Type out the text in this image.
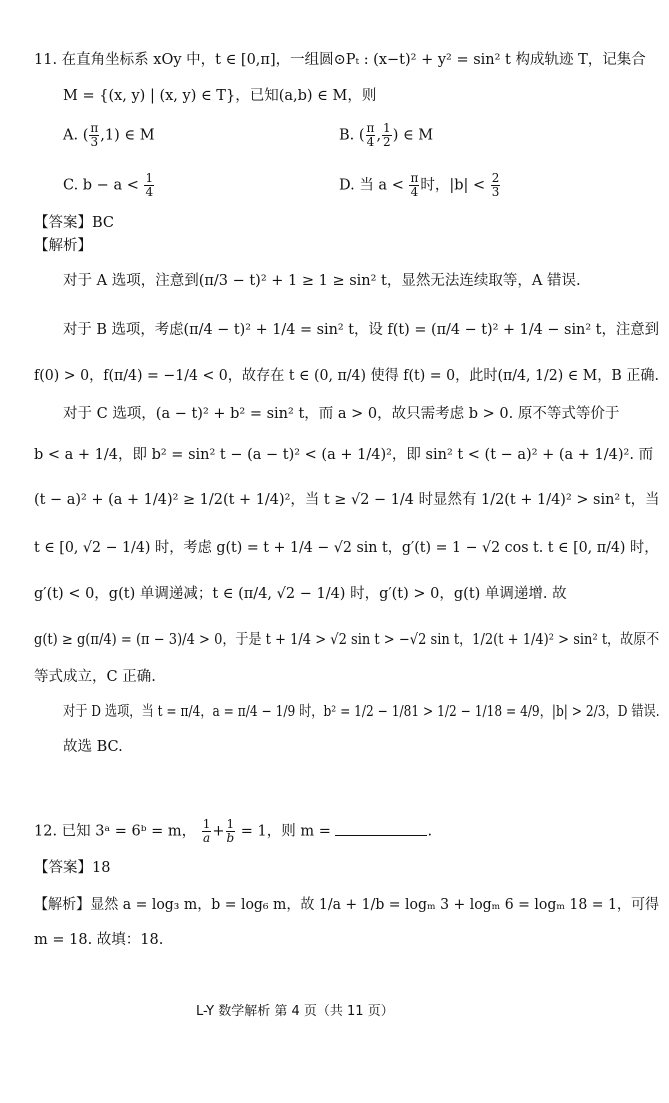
11. 在直角坐标系 xOy 中，t ∈ [0,π]，一组圆⊙Pₜ : (x−t)² + y² = sin² t 构成轨迹 T，记集合
M = {(x, y) | (x, y) ∈ T}，已知(a,b) ∈ M，则
A. ( $\frac{\pi}{3} ,1$) ∈ M	B. ( $\frac{\pi}{4}$ , $\frac{1}{2}$ ) ∈ M
C. $b - a < \frac{1}{4}$	D. 当 $a < \frac{\pi}{4}$ 时，$|b| < \frac{2}{3}$
【答案】BC
【解析】
对于 A 选项，注意到(π/3 − t)² + 1 ≥ 1 ≥ sin² t，显然无法连续取等，A 错误.
对于 B 选项，考虑(π/4 − t)² + 1/4 = sin² t，设 f(t) = (π/4 − t)² + 1/4 − sin² t，注意到
f(0) > 0，f(π/4) = −1/4 < 0，故存在 t ∈ (0, π/4) 使得 f(t) = 0，此时(π/4, 1/2) ∈ M，B 正确.
对于 C 选项，(a − t)² + b² = sin² t，而 a > 0，故只需考虑 b > 0. 原不等式等价于
b < a + 1/4，即 b² = sin² t − (a − t)² < (a + 1/4)²，即 sin² t < (t − a)² + (a + 1/4)². 而
(t − a)² + (a + 1/4)² ≥ 1/2(t + 1/4)²，当 t ≥ √2 − 1/4 时显然有 1/2(t + 1/4)² > sin² t，当
t ∈ [0, √2 − 1/4) 时，考虑 g(t) = t + 1/4 − √2 sin t，g′(t) = 1 − √2 cos t. t ∈ [0, π/4) 时，
g′(t) < 0，g(t) 单调递减；t ∈ (π/4, √2 − 1/4) 时，g′(t) > 0，g(t) 单调递增. 故
g(t) ≥ g(π/4) = (π − 3)/4 > 0，于是 t + 1/4 > √2 sin t > −√2 sin t，1/2(t + 1/4)² > sin² t，故原不
等式成立，C 正确.
对于 D 选项，当 t = π/4，a = π/4 − 1/9 时，b² = 1/2 − 1/81 > 1/2 − 1/18 = 4/9，|b| > 2/3，D 错误.
故选 BC.
12. 已知 3ᵃ = 6ᵇ = m， $\frac{1}{a} + \frac{1}{b} = 1$，则 m =	.
【答案】18
【解析】显然 a = log₃ m，b = log₆ m，故 1/a + 1/b = logₘ 3 + logₘ 6 = logₘ 18 = 1，可得
m = 18. 故填：18.
L-Y 数学解析 第 4 页（共 11 页）
